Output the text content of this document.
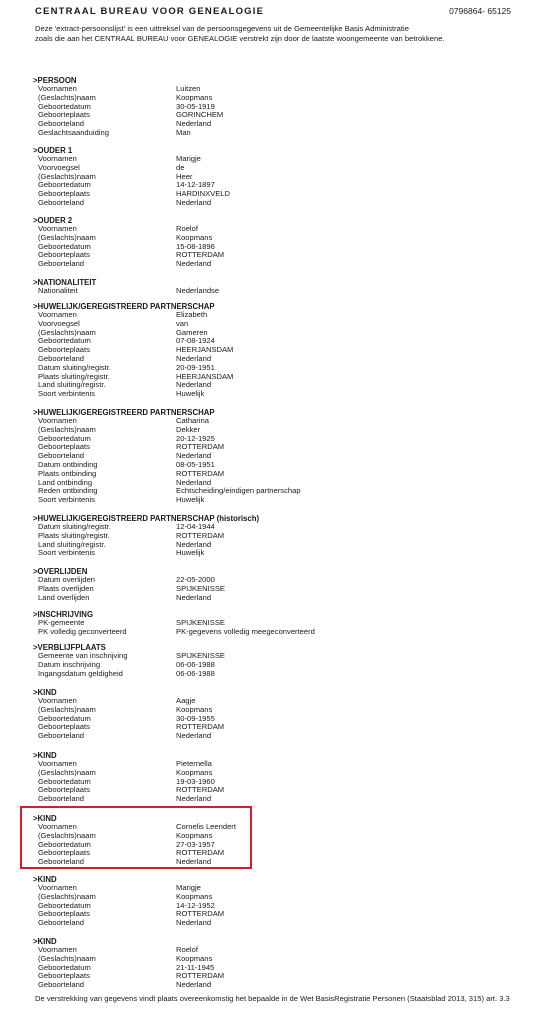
CENTRAAL BUREAU VOOR GENEALOGIE	0796864- 65125
Deze 'extract-persoonslijst' is een uittreksel van de persoonsgegevens uit de Gemeentelijke Basis Administratie
zoals die aan het CENTRAAL BUREAU voor GENEALOGIE verstrekt zijn door de laatste woongemeente van betrokkene.
>PERSOON
Voornamen	Luitzen
(Geslachts)naam	Koopmans
Geboortedatum	30-05-1919
Geboorteplaats	GORINCHEM
Geboorteland	Nederland
Geslachtsaanduiding	Man
>OUDER 1
Voornamen	Marigje
Voorvoegsel	de
(Geslachts)naam	Heer
Geboortedatum	14-12-1897
Geboorteplaats	HARDINXVELD
Geboorteland	Nederland
>OUDER 2
Voornamen	Roelof
(Geslachts)naam	Koopmans
Geboortedatum	15-08-1896
Geboorteplaats	ROTTERDAM
Geboorteland	Nederland
>NATIONALITEIT
Nationaliteit	Nederlandse
>HUWELIJK/GEREGISTREERD PARTNERSCHAP
Voornamen	Elizabeth
Voorvoegsel	van
(Geslachts)naam	Gameren
Geboortedatum	07-08-1924
Geboorteplaats	HEERJANSDAM
Geboorteland	Nederland
Datum sluiting/registr.	20-09-1951
Plaats sluiting/registr.	HEERJANSDAM
Land sluiting/registr.	Nederland
Soort verbintenis	Huwelijk
>HUWELIJK/GEREGISTREERD PARTNERSCHAP
Voornamen	Catharina
(Geslachts)naam	Dekker
Geboortedatum	20-12-1925
Geboorteplaats	ROTTERDAM
Geboorteland	Nederland
Datum ontbinding	08-05-1951
Plaats ontbinding	ROTTERDAM
Land ontbinding	Nederland
Reden ontbinding	Echtscheiding/eindigen partnerschap
Soort verbintenis	Huwelijk
>HUWELIJK/GEREGISTREERD PARTNERSCHAP (historisch)
Datum sluiting/registr.	12-04-1944
Plaats sluiting/registr.	ROTTERDAM
Land sluiting/registr.	Nederland
Soort verbintenis	Huwelijk
>OVERLIJDEN
Datum overlijden	22-05-2000
Plaats overlijden	SPIJKENISSE
Land overlijden	Nederland
>INSCHRIJVING
PK-gemeente	SPIJKENISSE
PK volledig geconverteerd	PK-gegevens volledig meegeconverteerd
>VERBLIJFPLAATS
Gemeente van inschrijving	SPIJKENISSE
Datum inschrijving	06-06-1988
Ingangsdatum geldigheid	06-06-1988
>KIND
Voornamen	Aagje
(Geslachts)naam	Koopmans
Geboortedatum	30-09-1955
Geboorteplaats	ROTTERDAM
Geboorteland	Nederland
>KIND
Voornamen	Pieternella
(Geslachts)naam	Koopmans
Geboortedatum	19-03-1960
Geboorteplaats	ROTTERDAM
Geboorteland	Nederland
>KIND
Voornamen	Cornelis Leendert
(Geslachts)naam	Koopmans
Geboortedatum	27-03-1957
Geboorteplaats	ROTTERDAM
Geboorteland	Nederland
>KIND
Voornamen	Marigje
(Geslachts)naam	Koopmans
Geboortedatum	14-12-1952
Geboorteplaats	ROTTERDAM
Geboorteland	Nederland
>KIND
Voornamen	Roelof
(Geslachts)naam	Koopmans
Geboortedatum	21-11-1945
Geboorteplaats	ROTTERDAM
Geboorteland	Nederland
De verstrekking van gegevens vindt plaats overeenkomstig het bepaalde in de Wet BasisRegistratie Personen (Staatsblad 2013, 315) art. 3.3
